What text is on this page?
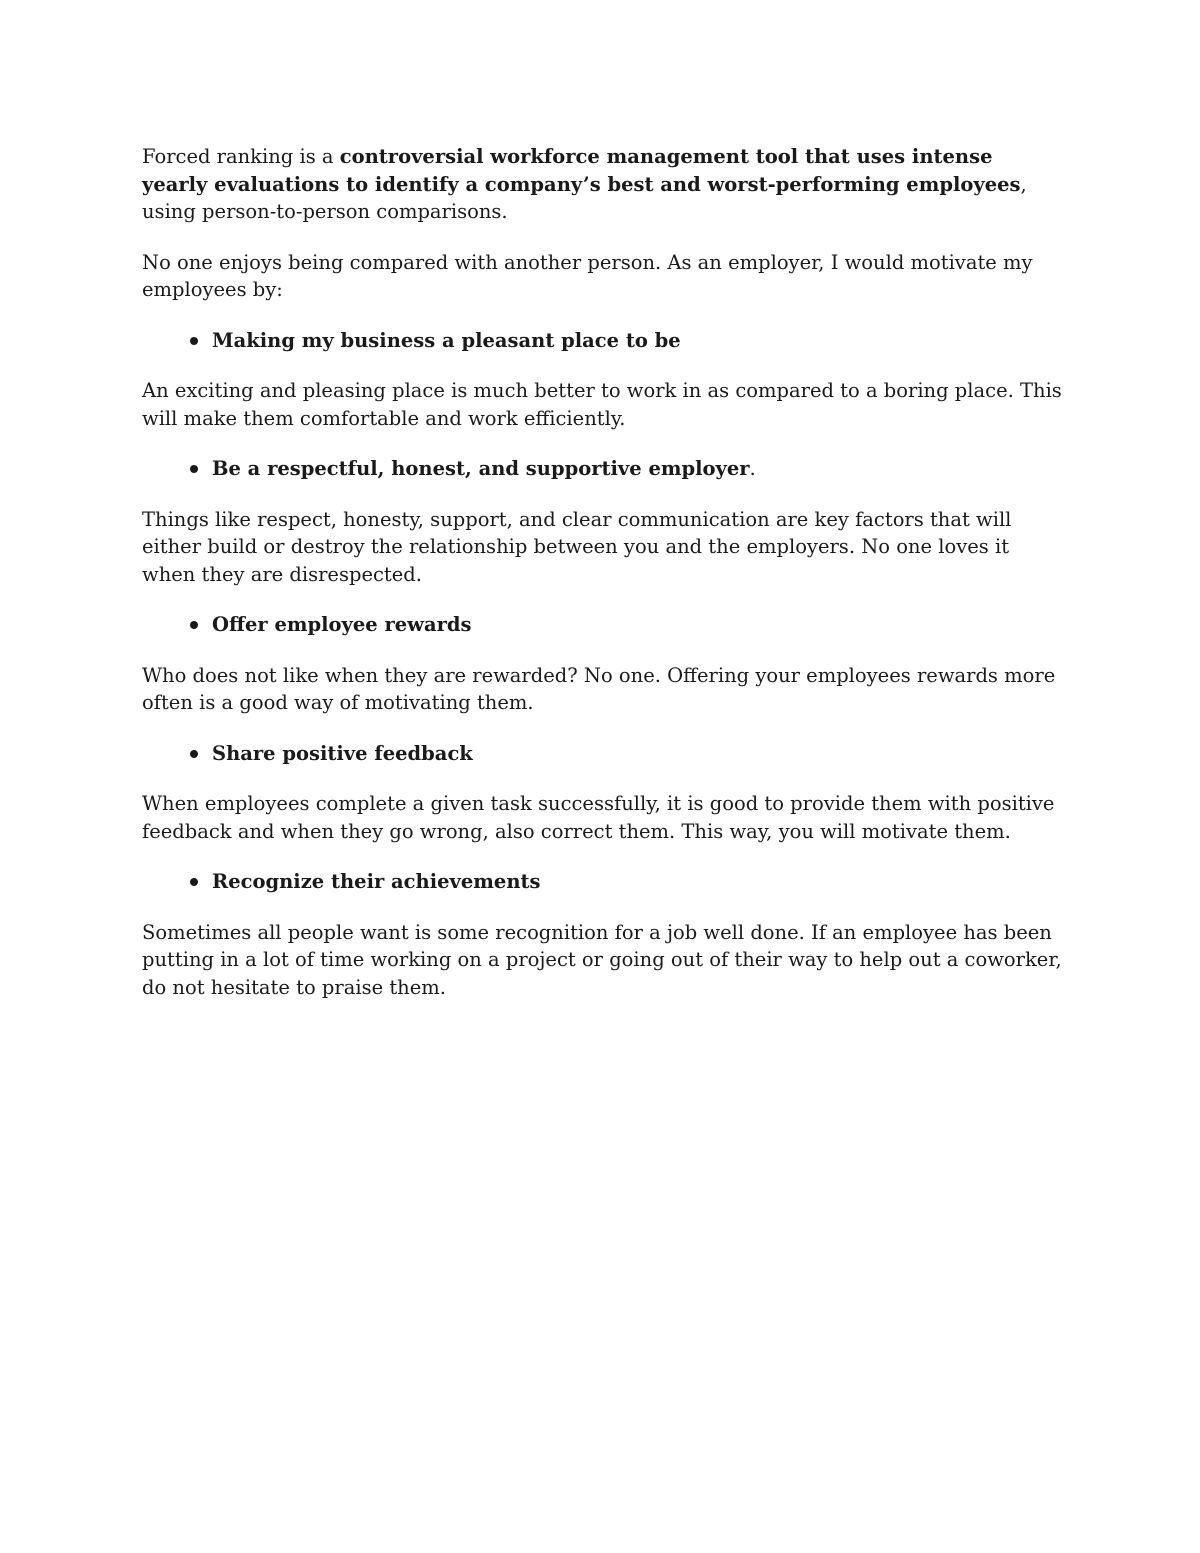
Forced ranking is a controversial workforce management tool that uses intense yearly evaluations to identify a company’s best and worst-performing employees, using person-to-person comparisons.

No one enjoys being compared with another person. As an employer, I would motivate my employees by:

Making my business a pleasant place to be

An exciting and pleasing place is much better to work in as compared to a boring place. This will make them comfortable and work efficiently.

Be a respectful, honest, and supportive employer.

Things like respect, honesty, support, and clear communication are key factors that will either build or destroy the relationship between you and the employers. No one loves it when they are disrespected.

Offer employee rewards

Who does not like when they are rewarded? No one. Offering your employees rewards more often is a good way of motivating them.

Share positive feedback

When employees complete a given task successfully, it is good to provide them with positive feedback and when they go wrong, also correct them. This way, you will motivate them.

Recognize their achievements

Sometimes all people want is some recognition for a job well done. If an employee has been putting in a lot of time working on a project or going out of their way to help out a coworker, do not hesitate to praise them.
